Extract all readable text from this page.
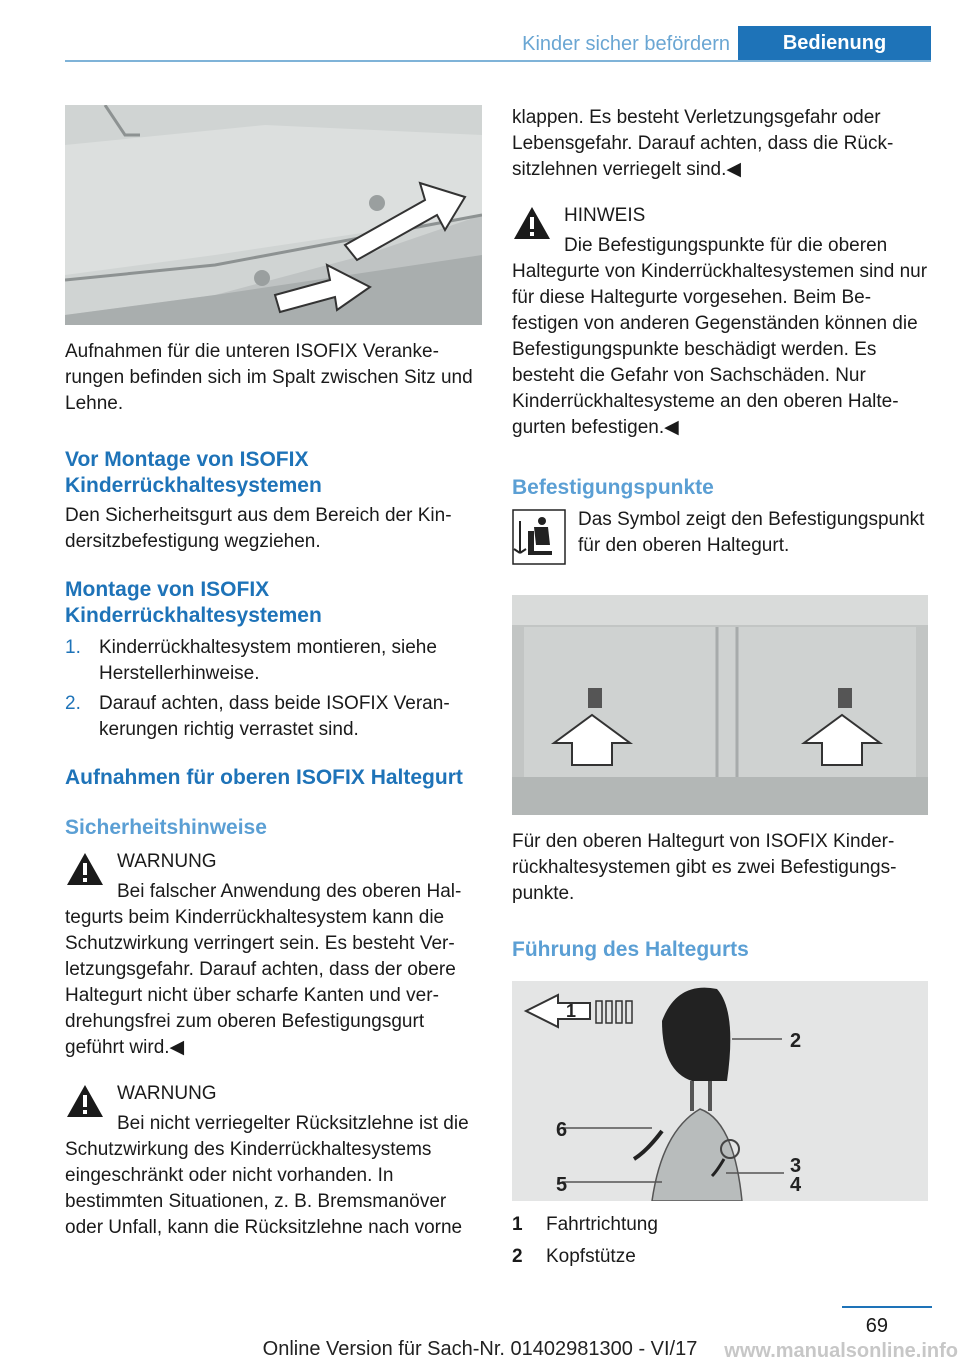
Kinder sicher befördern	Bedienung

Aufnahmen für die unteren ISOFIX Verankerungen befinden sich im Spalt zwischen Sitz und Lehne.

Vor Montage von ISOFIX Kinderrückhaltesystemen

Den Sicherheitsgurt aus dem Bereich der Kindersitzbefestigung wegziehen.

Montage von ISOFIX Kinderrückhaltesystemen
1. Kinderrückhaltesystem montieren, siehe Herstellerhinweise.
2. Darauf achten, dass beide ISOFIX Verankerungen richtig verrastet sind.
Aufnahmen für oberen ISOFIX Haltegurt
Sicherheitshinweise
WARNUNG
Bei falscher Anwendung des oberen Haltegurts beim Kinderrückhaltesystem kann die Schutzwirkung verringert sein. Es besteht Verletzungsgefahr. Darauf achten, dass der obere Haltegurt nicht über scharfe Kanten und verdrehungsfrei zum oberen Befestigungsgurt geführt wird.◀
WARNUNG
Bei nicht verriegelter Rücksitzlehne ist die Schutzwirkung des Kinderrückhaltesystems eingeschränkt oder nicht vorhanden. In bestimmten Situationen, z. B. Bremsmanöver oder Unfall, kann die Rücksitzlehne nach vorne

klappen. Es besteht Verletzungsgefahr oder Lebensgefahr. Darauf achten, dass die Rücksitzlehnen verriegelt sind.◀

HINWEIS
Die Befestigungspunkte für die oberen Haltegurte von Kinderrückhaltesystemen sind nur für diese Haltegurte vorgesehen. Beim Befestigen von anderen Gegenständen können die Befestigungspunkte beschädigt werden. Es besteht die Gefahr von Sachschäden. Nur Kinderrückhaltesysteme an den oberen Haltegurten befestigen.◀
Befestigungspunkte
Das Symbol zeigt den Befestigungspunkt für den oberen Haltegurt.

Für den oberen Haltegurt von ISOFIX Kinderrückhaltesystemen gibt es zwei Befestigungspunkte.

Führung des Haltegurts
1
2
3
4
5
6
1	Fahrtrichtung
2	Kopfstütze
69
Online Version für Sach-Nr. 01402981300 - VI/17	www.manualsonline.info
